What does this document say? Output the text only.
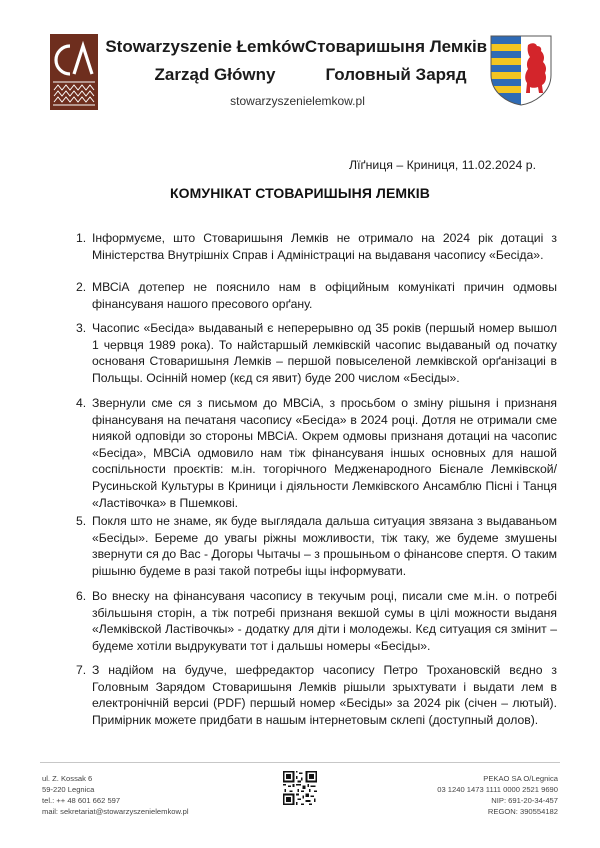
Stowarzyszenie Łemków Стоваришыня Лемків
Zarząd Główny	Головный Заряд
stowarzyszenielemkow.pl
Лїґниця – Криниця, 11.02.2024 р.
КОМУНІКАТ СТОВАРИШЫНЯ ЛЕМКІВ
1. Інформуєме, што Стоваришыня Лемків не отримало на 2024 рік дотациі з Міністерства Внутрішніх Справ і Адміністрациі на выдаваня часопису «Бесіда».
2. МВСіА дотепер не пояснило нам в офіцийным комунікаті причин одмовы фінансуваня нашого пресового орґану.
3. Часопис «Бесіда» выдаваный є неперерывно од 35 років (першый номер вышол 1 червця 1989 рока). То найстаршый лемківскій часопис выдаваный од початку основаня Стоваришыня Лемків – першой повыселеной лемківской орґанізациі в Польщы. Осінній номер (кєд ся явит) буде 200 числом «Бесіды».
4. Звернули сме ся з письмом до МВСіА, з просьбом о зміну рішыня і признаня фінансуваня на печатаня часопису «Бесіда» в 2024 році. Дотля не отримали сме ниякой одповіди зо стороны МВСіА. Окрем одмовы признаня дотациі на часопис «Бесіда», МВСіА одмовило нам тіж фінансуваня іншых основных для нашой соспільности проєктів: м.ін. тогорічного Медженародного Бієнале Лемківской/Русиньской Культуры в Криници і діяльности Лемківского Ансамблю Пісні і Танця «Ластівочка» в Пшемкові.
5. Покля што не знаме, як буде выглядала дальша ситуация звязана з выдаваньом «Бесіды». Береме до увагы ріжны можливости, тіж таку, же будеме змушены звернути ся до Вас - Догоры Чытачы – з прошыньом о фінансове спертя. О таким рішыню будеме в разі такой потребы іщы інформувати.
6. Во внеску на фінансуваня часопису в текучым році, писали сме м.ін. о потребі збільшыня сторін, а тіж потребі признаня векшой сумы в цілі можности выданя «Лемківской Ластівочкы» - додатку для діти і молодежы. Кєд ситуация ся змінит – будеме хотіли выдрукувати тот і дальшы номеры «Бесіды».
7. З надійом на будуче, шефредактор часопису Петро Трохановскій вєдно з Головным Зарядом Стоваришыня Лемків рішыли зрыхтувати і выдати лем в електронічній версиі (PDF) першый номер «Бесіды» за 2024 рік (січен – лютый). Примірник можете придбати в нашым інтернетовым склепі (доступный долов).
ul. Z. Kossak 6
59-220 Legnica
tel.: ++ 48 601 662 597
mail: sekretariat@stowarzyszenielemkow.pl
PEKAO SA O/Legnica
03 1240 1473 1111 0000 2521 9690
NIP: 691-20-34-457
REGON: 390554182
